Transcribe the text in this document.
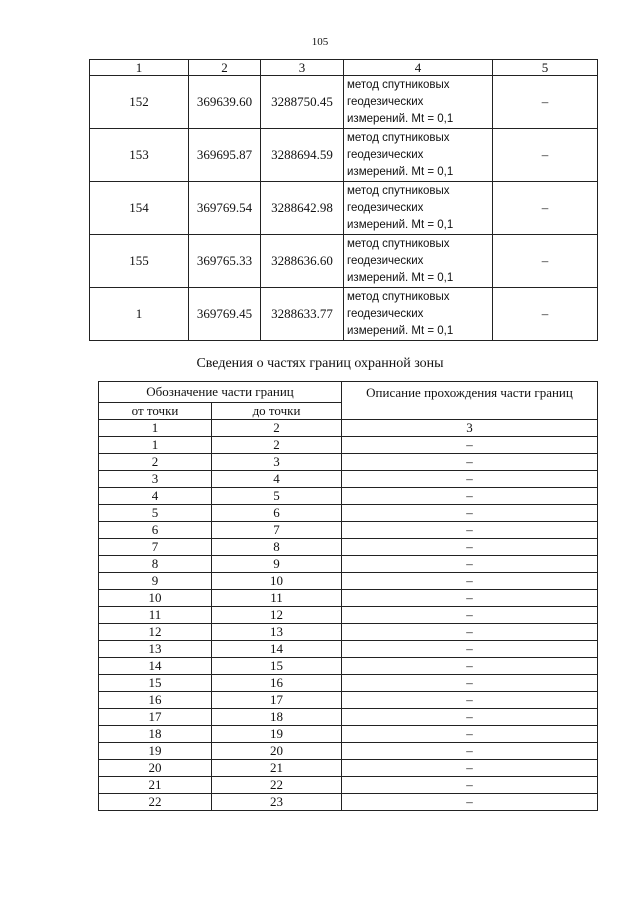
105
1	2	3	4	5
152	369639.60	3288750.45	метод спутниковых
геодезических
измерений. Mt = 0,1	–
153	369695.87	3288694.59	метод спутниковых
геодезических
измерений. Mt = 0,1	–
154	369769.54	3288642.98	метод спутниковых
геодезических
измерений. Mt = 0,1	–
155	369765.33	3288636.60	метод спутниковых
геодезических
измерений. Mt = 0,1	–
1	369769.45	3288633.77	метод спутниковых
геодезических
измерений. Mt = 0,1	–
Сведения о частях границ охранной зоны
Обозначение части границ		Описание прохождения части границ
от точки	до точки	
1	2	3
1	2	–
2	3	–
3	4	–
4	5	–
5	6	–
6	7	–
7	8	–
8	9	–
9	10	–
10	11	–
11	12	–
12	13	–
13	14	–
14	15	–
15	16	–
16	17	–
17	18	–
18	19	–
19	20	–
20	21	–
21	22	–
22	23	–
